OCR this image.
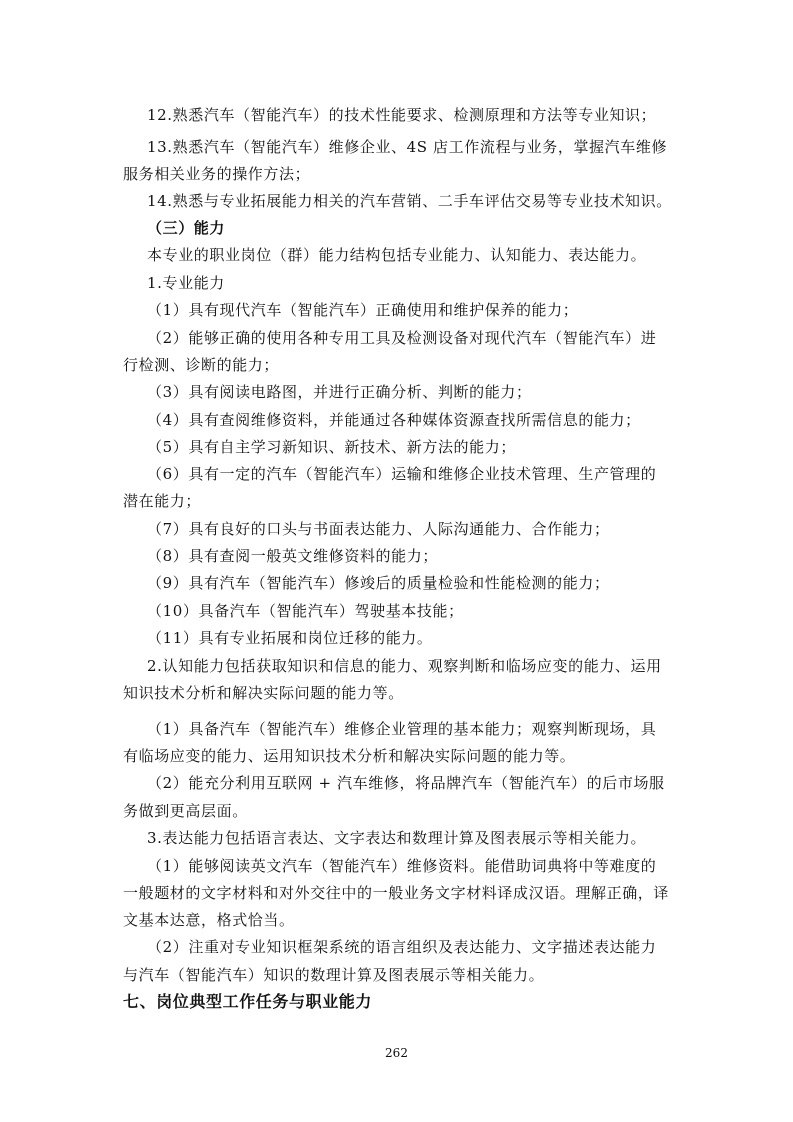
12.熟悉汽车（智能汽车）的技术性能要求、检测原理和方法等专业知识；
13.熟悉汽车（智能汽车）维修企业、4S 店工作流程与业务，掌握汽车维修
服务相关业务的操作方法；
14.熟悉与专业拓展能力相关的汽车营销、二手车评估交易等专业技术知识。
（三）能力
本专业的职业岗位（群）能力结构包括专业能力、认知能力、表达能力。
1.专业能力
（1）具有现代汽车（智能汽车）正确使用和维护保养的能力；
（2）能够正确的使用各种专用工具及检测设备对现代汽车（智能汽车）进
行检测、诊断的能力；
（3）具有阅读电路图，并进行正确分析、判断的能力；
（4）具有查阅维修资料，并能通过各种媒体资源查找所需信息的能力；
（5）具有自主学习新知识、新技术、新方法的能力；
（6）具有一定的汽车（智能汽车）运输和维修企业技术管理、生产管理的
潜在能力；
（7）具有良好的口头与书面表达能力、人际沟通能力、合作能力；
（8）具有查阅一般英文维修资料的能力；
（9）具有汽车（智能汽车）修竣后的质量检验和性能检测的能力；
（10）具备汽车（智能汽车）驾驶基本技能；
（11）具有专业拓展和岗位迁移的能力。
2.认知能力包括获取知识和信息的能力、观察判断和临场应变的能力、运用
知识技术分析和解决实际问题的能力等。
（1）具备汽车（智能汽车）维修企业管理的基本能力；观察判断现场，具
有临场应变的能力、运用知识技术分析和解决实际问题的能力等。
（2）能充分利用互联网 + 汽车维修，将品牌汽车（智能汽车）的后市场服
务做到更高层面。
3.表达能力包括语言表达、文字表达和数理计算及图表展示等相关能力。
（1）能够阅读英文汽车（智能汽车）维修资料。能借助词典将中等难度的
一般题材的文字材料和对外交往中的一般业务文字材料译成汉语。理解正确，译
文基本达意，格式恰当。
（2）注重对专业知识框架系统的语言组织及表达能力、文字描述表达能力
与汽车（智能汽车）知识的数理计算及图表展示等相关能力。
七、岗位典型工作任务与职业能力
262
